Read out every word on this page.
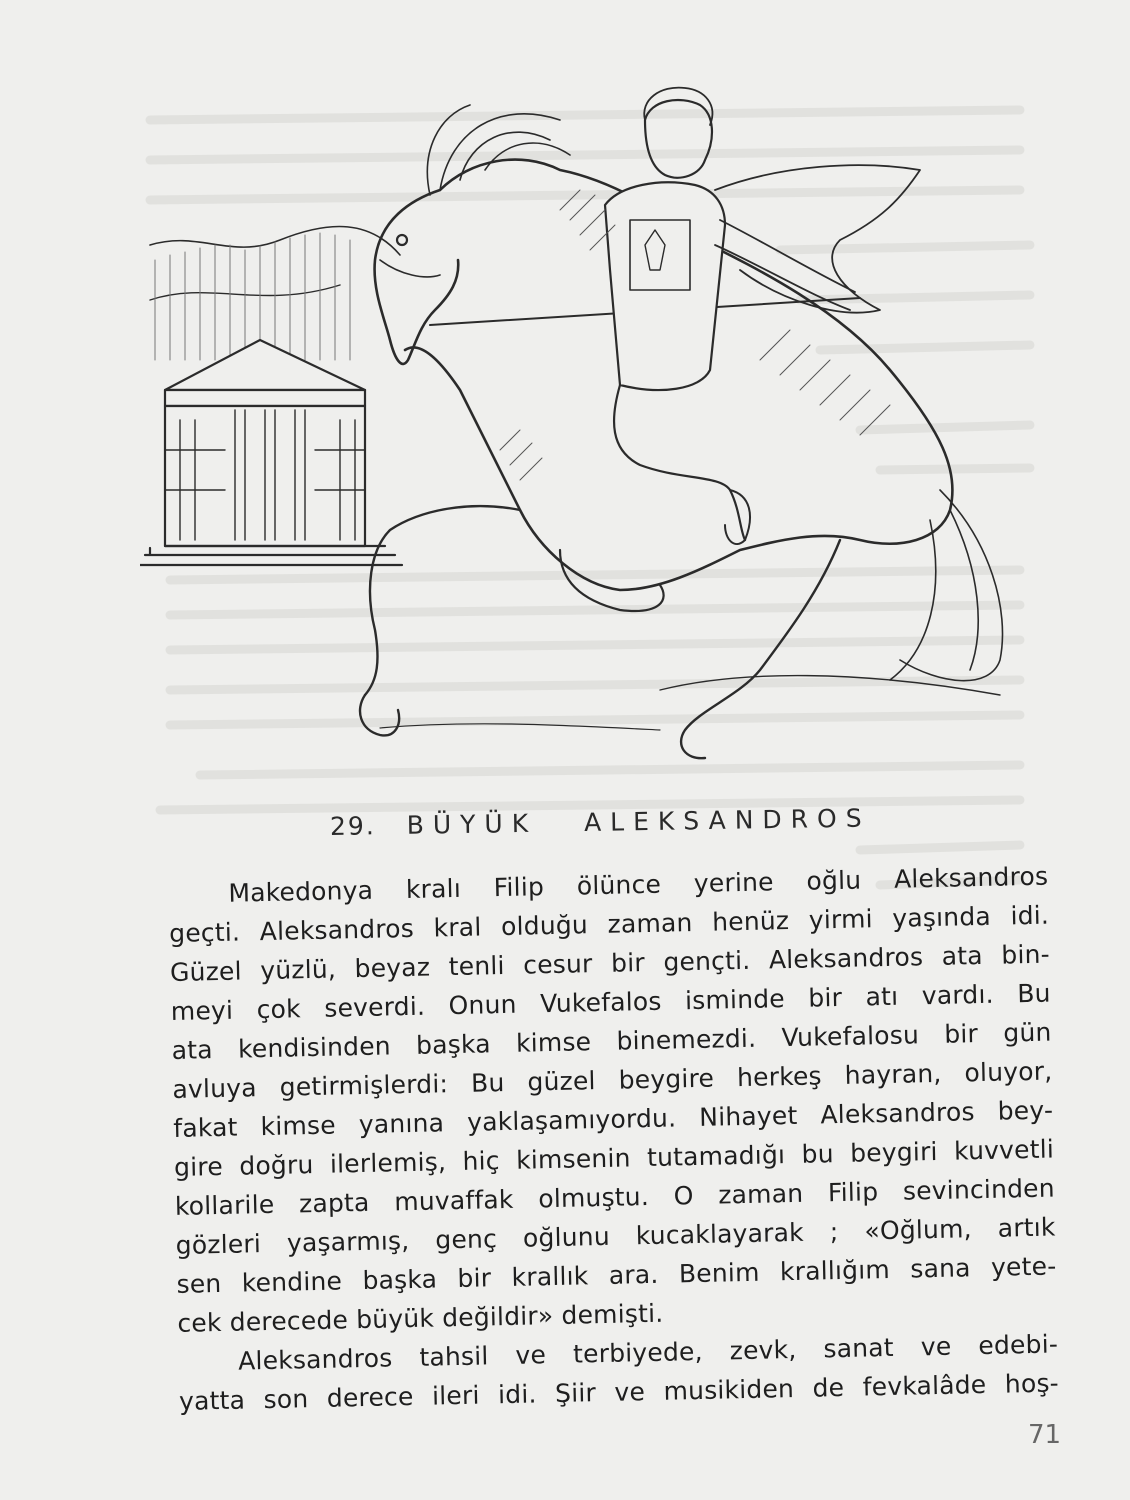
29. BÜYÜK ALEKSANDROS
Makedonya kralı Filip ölünce yerine oğlu Aleksandros
geçti. Aleksandros kral olduğu zaman henüz yirmi yaşında idi.
Güzel yüzlü, beyaz tenli cesur bir gençti. Aleksandros ata bin-
meyi çok severdi. Onun Vukefalos isminde bir atı vardı. Bu
ata kendisinden başka kimse binemezdi. Vukefalosu bir gün
avluya getirmişlerdi: Bu güzel beygire herkeş hayran, oluyor,
fakat kimse yanına yaklaşamıyordu. Nihayet Aleksandros bey-
gire doğru ilerlemiş, hiç kimsenin tutamadığı bu beygiri kuvvetli
kollarile zapta muvaffak olmuştu. O zaman Filip sevincinden
gözleri yaşarmış, genç oğlunu kucaklayarak ; «Oğlum, artık
sen kendine başka bir krallık ara. Benim krallığım sana yete-
cek derecede büyük değildir» demişti.
Aleksandros tahsil ve terbiyede, zevk, sanat ve edebi-
yatta son derece ileri idi. Şiir ve musikiden de fevkalâde hoş-
71
